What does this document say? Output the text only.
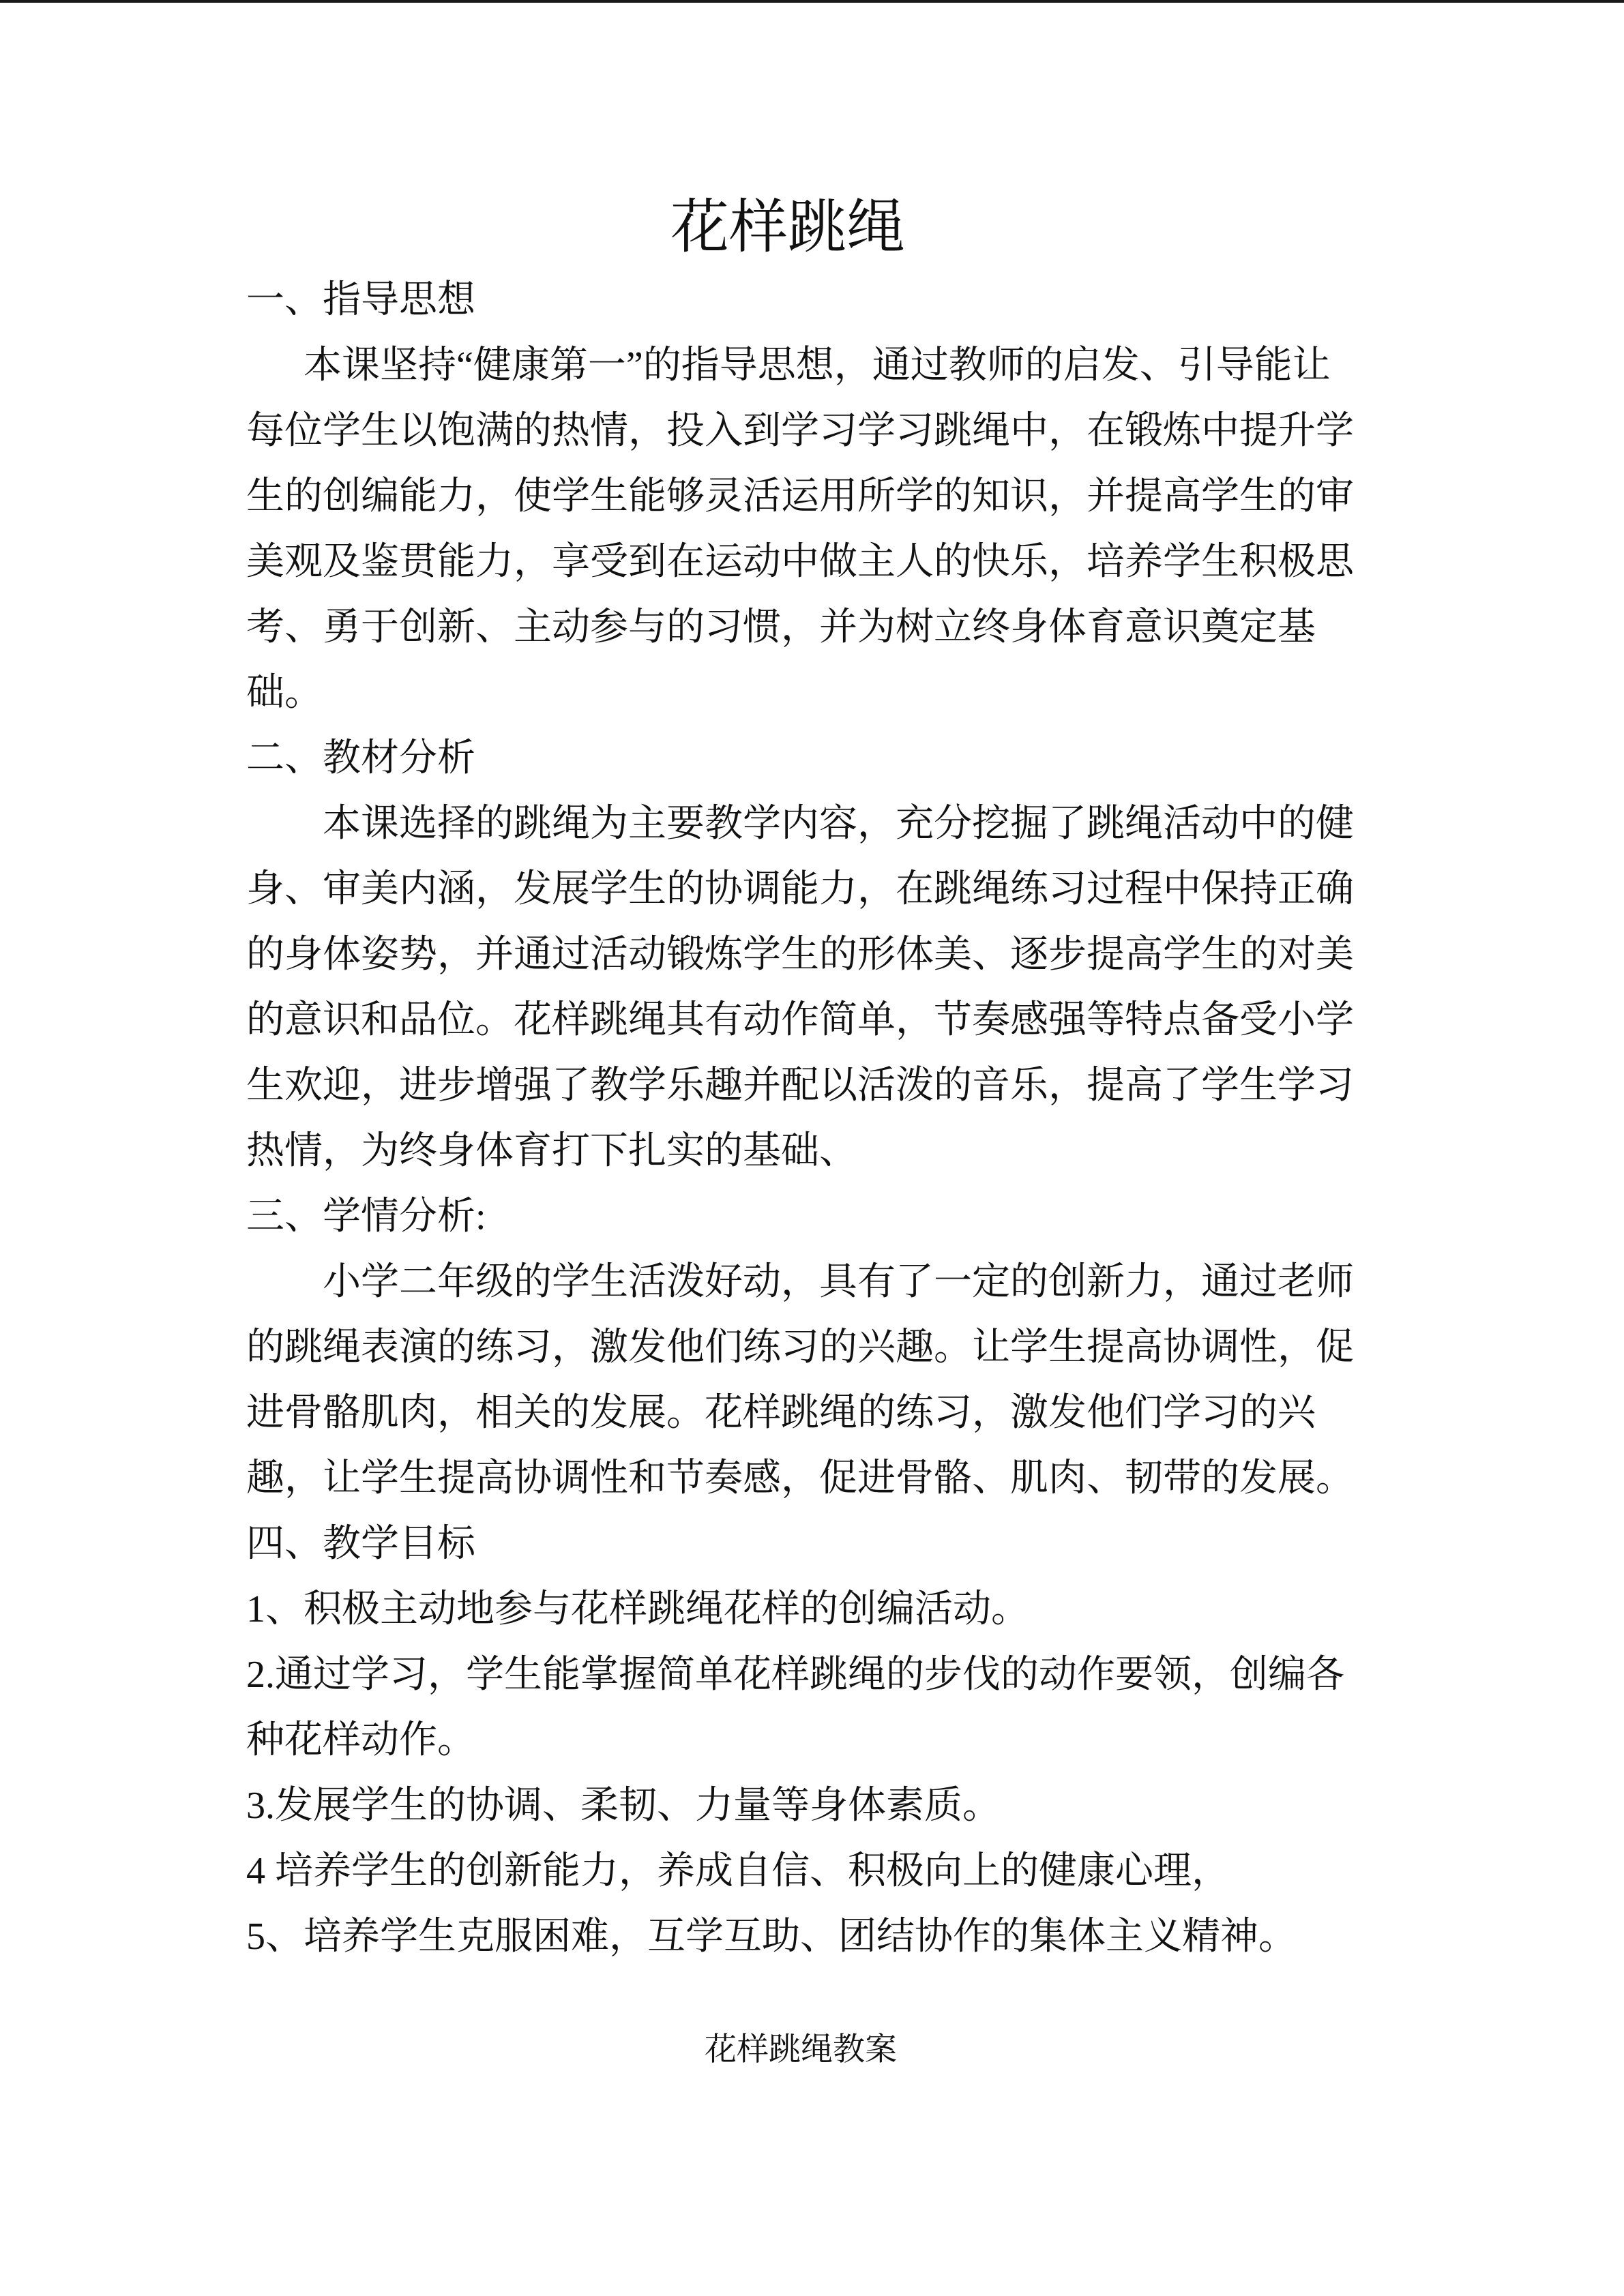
花样跳绳
一、指导思想
本课坚持“健康第一”的指导思想，通过教师的启发、引导能让
每位学生以饱满的热情，投入到学习学习跳绳中，在锻炼中提升学
生的创编能力，使学生能够灵活运用所学的知识，并提高学生的审
美观及鉴贯能力，享受到在运动中做主人的快乐，培养学生积极思
考、勇于创新、主动参与的习惯，并为树立终身体育意识奠定基
础。
二、教材分析
本课选择的跳绳为主要教学内容，充分挖掘了跳绳活动中的健
身、审美内涵，发展学生的协调能力，在跳绳练习过程中保持正确
的身体姿势，并通过活动锻炼学生的形体美、逐步提高学生的对美
的意识和品位。花样跳绳其有动作简单，节奏感强等特点备受小学
生欢迎，进步增强了教学乐趣并配以活泼的音乐，提高了学生学习
热情，为终身体育打下扎实的基础、
三、学情分析:
小学二年级的学生活泼好动，具有了一定的创新力，通过老师
的跳绳表演的练习，激发他们练习的兴趣。让学生提高协调性，促
进骨骼肌肉，相关的发展。花样跳绳的练习，激发他们学习的兴
趣，让学生提高协调性和节奏感，促进骨骼、肌肉、韧带的发展。
四、教学目标
1、积极主动地参与花样跳绳花样的创编活动。
2.通过学习，学生能掌握简单花样跳绳的步伐的动作要领，创编各
种花样动作。
3.发展学生的协调、柔韧、力量等身体素质。
4 培养学生的创新能力，养成自信、积极向上的健康心理，
5、培养学生克服困难，互学互助、团结协作的集体主义精神。
花样跳绳教案
